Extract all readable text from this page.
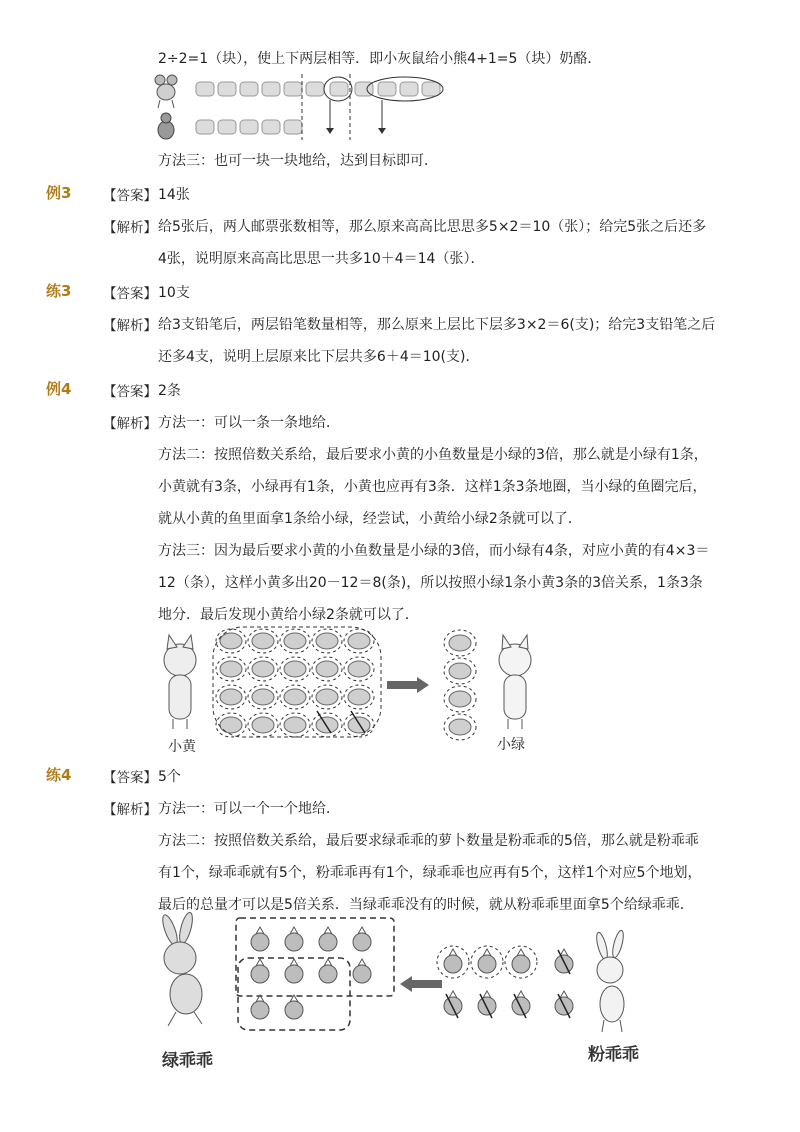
2÷2=1（块），使上下两层相等．即小灰鼠给小熊4+1=5（块）奶酪．
方法三：也可一块一块地给，达到目标即可．
例3 【答案】 14张
【解析】 给5张后，两人邮票张数相等，那么原来高高比思思多5×2＝10（张）；给完5张之后还多
4张，说明原来高高比思思一共多10＋4＝14（张）．
练3 【答案】 10支
【解析】 给3支铅笔后，两层铅笔数量相等，那么原来上层比下层多3×2＝6(支)；给完3支铅笔之后
还多4支，说明上层原来比下层共多6＋4＝10(支)．
例4 【答案】 2条
【解析】 方法一：可以一条一条地给．
方法二：按照倍数关系给，最后要求小黄的小鱼数量是小绿的3倍，那么就是小绿有1条，
小黄就有3条，小绿再有1条，小黄也应再有3条．这样1条3条地圈，当小绿的鱼圈完后，
就从小黄的鱼里面拿1条给小绿，经尝试，小黄给小绿2条就可以了．
方法三：因为最后要求小黄的小鱼数量是小绿的3倍，而小绿有4条，对应小黄的有4×3＝
12（条），这样小黄多出20－12＝8(条)，所以按照小绿1条小黄3条的3倍关系，1条3条
地分．最后发现小黄给小绿2条就可以了．
小黄	小绿
练4 【答案】 5个
【解析】 方法一：可以一个一个地给．
方法二：按照倍数关系给，最后要求绿乖乖的萝卜数量是粉乖乖的5倍，那么就是粉乖乖
有1个，绿乖乖就有5个，粉乖乖再有1个，绿乖乖也应再有5个，这样1个对应5个地划，
最后的总量才可以是5倍关系．当绿乖乖没有的时候，就从粉乖乖里面拿5个给绿乖乖．
绿乖乖	粉乖乖
